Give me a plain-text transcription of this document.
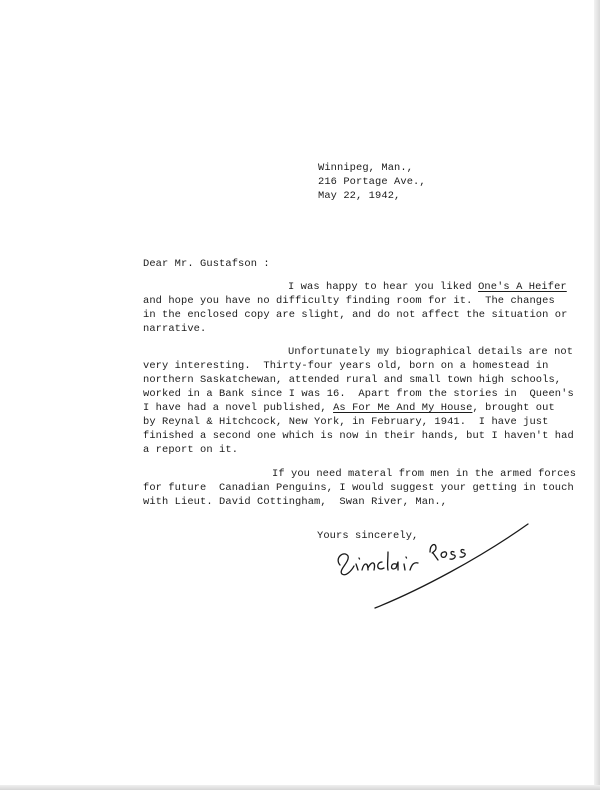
Winnipeg, Man.,
216 Portage Ave.,
May 22, 1942,
Dear Mr. Gustafson :
I was happy to hear you liked One's A Heifer
and hope you have no difficulty finding room for it.  The changes
in the enclosed copy are slight, and do not affect the situation or
narrative.
Unfortunately my biographical details are not
very interesting.  Thirty-four years old, born on a homestead in
northern Saskatchewan, attended rural and small town high schools,
worked in a Bank since I was 16.  Apart from the stories in  Queen's
I have had a novel published, As For Me And My House, brought out
by Reynal & Hitchcock, New York, in February, 1941.  I have just
finished a second one which is now in their hands, but I haven't had
a report on it.
If you need materal from men in the armed forces
for future  Canadian Penguins, I would suggest your getting in touch
with Lieut. David Cottingham,  Swan River, Man.,
Yours sincerely,
